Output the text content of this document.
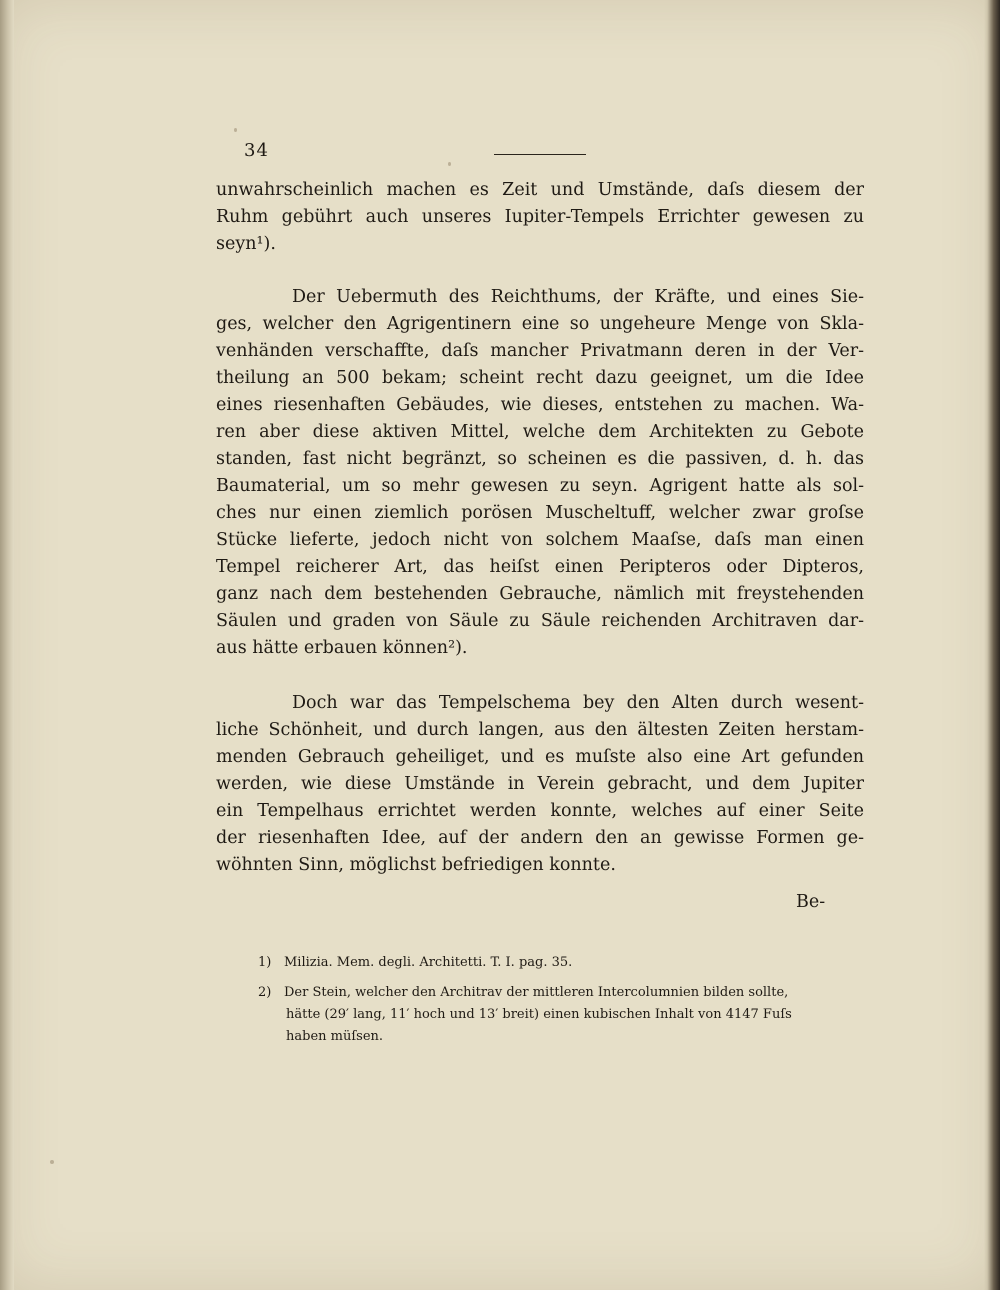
34

unwahrscheinlich machen es Zeit und Umstände, daſs diesem der
Ruhm gebührt auch unseres Iupiter-Tempels Errichter gewesen zu
seyn¹).

Der Uebermuth des Reichthums, der Kräfte, und eines Sie-
ges, welcher den Agrigentinern eine so ungeheure Menge von Skla-
venhänden verschaffte, daſs mancher Privatmann deren in der Ver-
theilung an 500 bekam; scheint recht dazu geeignet, um die Idee
eines riesenhaften Gebäudes, wie dieses, entstehen zu machen. Wa-
ren aber diese aktiven Mittel, welche dem Architekten zu Gebote
standen, fast nicht begränzt, so scheinen es die passiven, d. h. das
Baumaterial, um so mehr gewesen zu seyn. Agrigent hatte als sol-
ches nur einen ziemlich porösen Muscheltuff, welcher zwar groſse
Stücke lieferte, jedoch nicht von solchem Maaſse, daſs man einen
Tempel reicherer Art, das heiſst einen Peripteros oder Dipteros,
ganz nach dem bestehenden Gebrauche, nämlich mit freystehenden
Säulen und graden von Säule zu Säule reichenden Architraven dar-
aus hätte erbauen können²).

Doch war das Tempelschema bey den Alten durch wesent-
liche Schönheit, und durch langen, aus den ältesten Zeiten herstam-
menden Gebrauch geheiliget, und es muſste also eine Art gefunden
werden, wie diese Umstände in Verein gebracht, und dem Jupiter
ein Tempelhaus errichtet werden konnte, welches auf einer Seite
der riesenhaften Idee, auf der andern den an gewisse Formen ge-
wöhnten Sinn, möglichst befriedigen konnte.

Be-
1) Milizia. Mem. degli. Architetti. T. I. pag. 35.
2) Der Stein, welcher den Architrav der mittleren Intercolumnien bilden sollte,
hätte (29′ lang, 11′ hoch und 13′ breit) einen kubischen Inhalt von 4147 Fuſs
haben müſsen.
